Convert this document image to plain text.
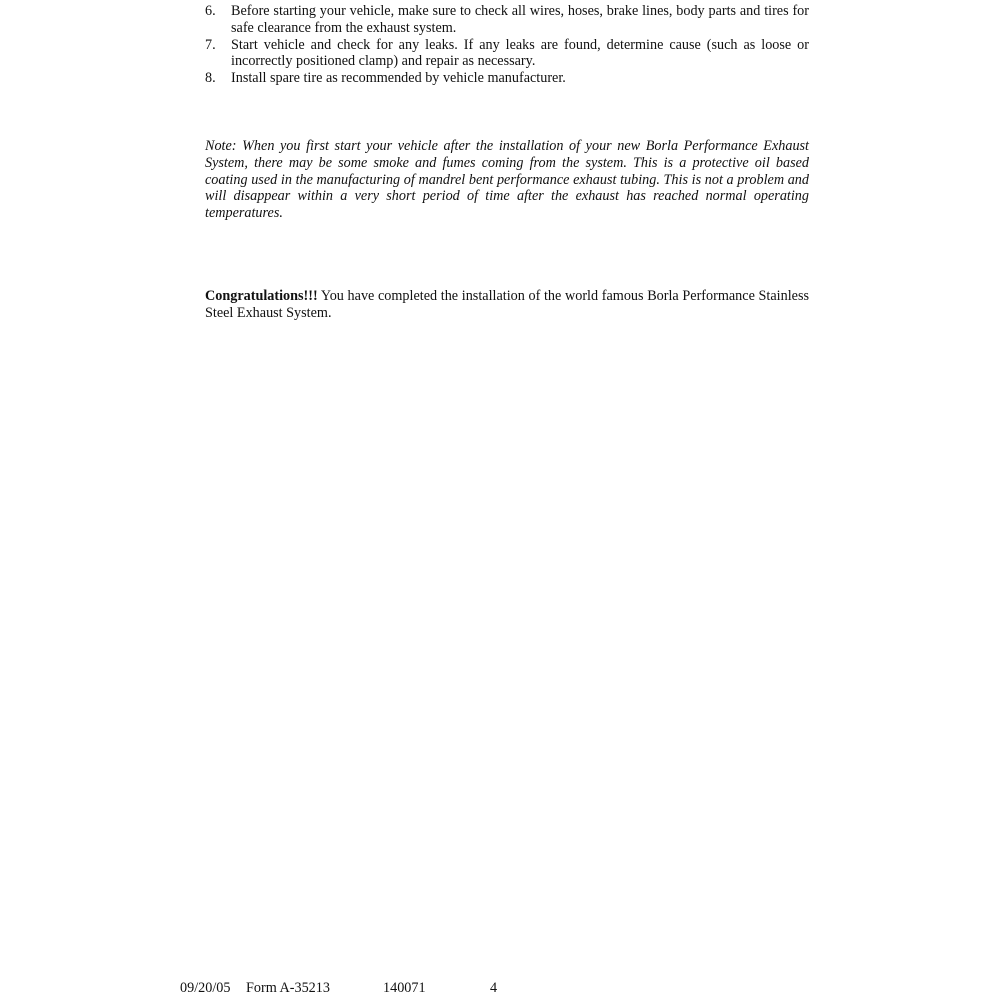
6.	Before starting your vehicle, make sure to check all wires, hoses, brake lines, body parts and tires for safe clearance from the exhaust system.
7.	Start vehicle and check for any leaks. If any leaks are found, determine cause (such as loose or incorrectly positioned clamp) and repair as necessary.
8.	Install spare tire as recommended by vehicle manufacturer.

Note: When you first start your vehicle after the installation of your new Borla Performance Exhaust System, there may be some smoke and fumes coming from the system. This is a protective oil based coating used in the manufacturing of mandrel bent performance exhaust tubing. This is not a problem and will disappear within a very short period of time after the exhaust has reached normal operating temperatures.

Congratulations!!! You have completed the installation of the world famous Borla Performance Stainless Steel Exhaust System.

09/20/05 Form A-35213	140071	4
